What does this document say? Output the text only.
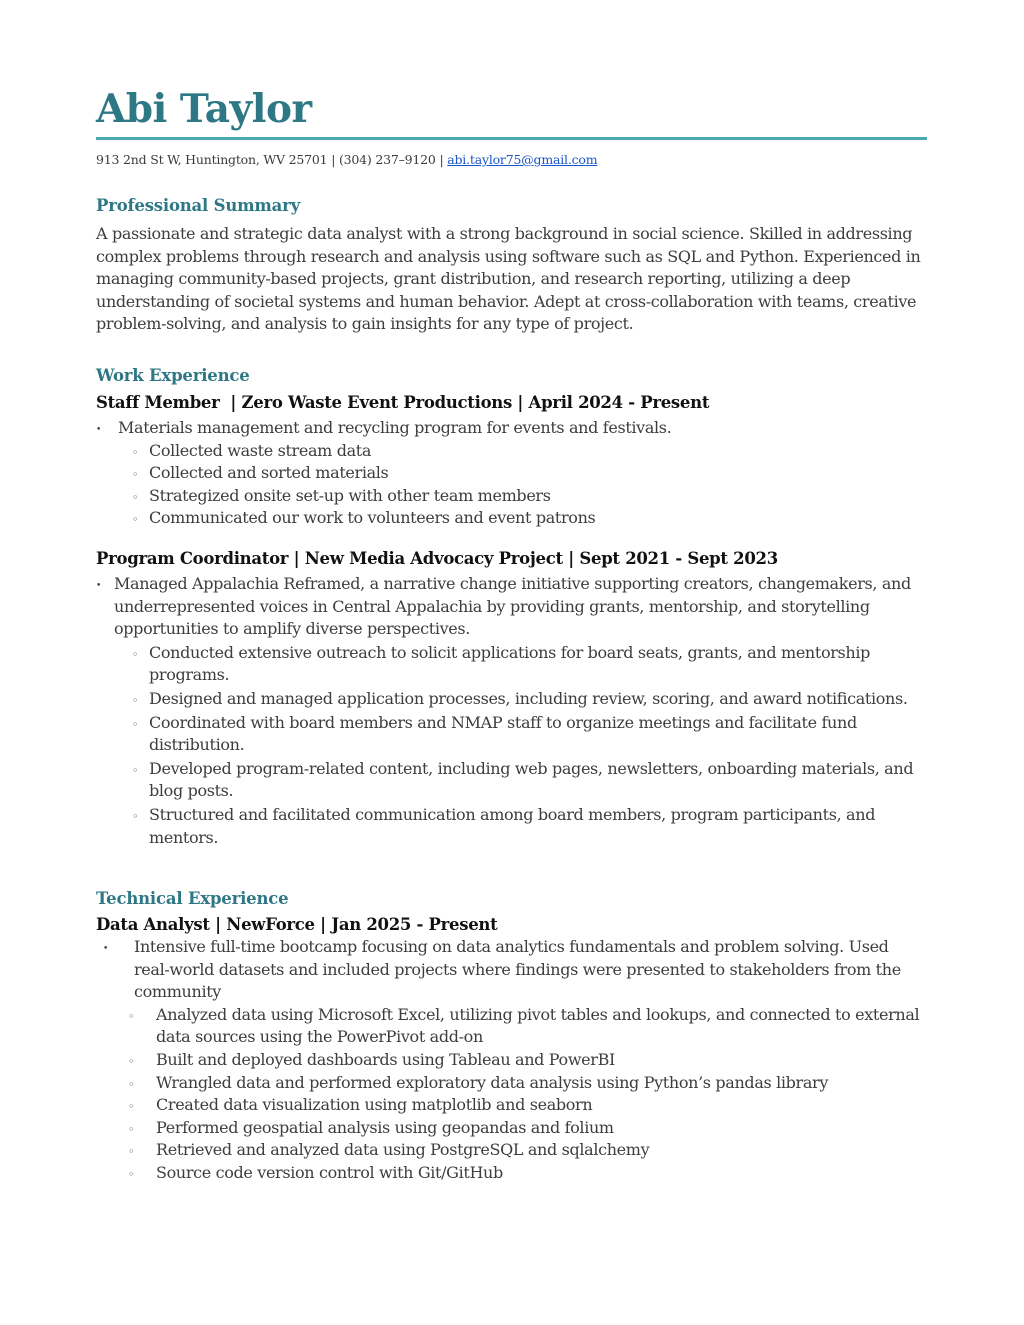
Abi Taylor
913 2nd St W, Huntington, WV 25701 | (304) 237–9120 | abi.taylor75@gmail.com
Professional Summary
A passionate and strategic data analyst with a strong background in social science. Skilled in addressing
complex problems through research and analysis using software such as SQL and Python. Experienced in
managing community-based projects, grant distribution, and research reporting, utilizing a deep
understanding of societal systems and human behavior. Adept at cross-collaboration with teams, creative
problem-solving, and analysis to gain insights for any type of project.
Work Experience
Staff Member  | Zero Waste Event Productions | April 2024 - Present
• Materials management and recycling program for events and festivals.
◦ Collected waste stream data
◦ Collected and sorted materials
◦ Strategized onsite set-up with other team members
◦ Communicated our work to volunteers and event patrons
Program Coordinator | New Media Advocacy Project | Sept 2021 - Sept 2023
• Managed Appalachia Reframed, a narrative change initiative supporting creators, changemakers, and
underrepresented voices in Central Appalachia by providing grants, mentorship, and storytelling
opportunities to amplify diverse perspectives.
◦ Conducted extensive outreach to solicit applications for board seats, grants, and mentorship
programs.
◦ Designed and managed application processes, including review, scoring, and award notifications.
◦ Coordinated with board members and NMAP staff to organize meetings and facilitate fund
distribution.
◦ Developed program-related content, including web pages, newsletters, onboarding materials, and
blog posts.
◦ Structured and facilitated communication among board members, program participants, and
mentors.
Technical Experience
Data Analyst | NewForce | Jan 2025 - Present
• Intensive full-time bootcamp focusing on data analytics fundamentals and problem solving. Used
real-world datasets and included projects where findings were presented to stakeholders from the
community
◦ Analyzed data using Microsoft Excel, utilizing pivot tables and lookups, and connected to external
data sources using the PowerPivot add-on
◦ Built and deployed dashboards using Tableau and PowerBI
◦ Wrangled data and performed exploratory data analysis using Python’s pandas library
◦ Created data visualization using matplotlib and seaborn
◦ Performed geospatial analysis using geopandas and folium
◦ Retrieved and analyzed data using PostgreSQL and sqlalchemy
◦ Source code version control with Git/GitHub
